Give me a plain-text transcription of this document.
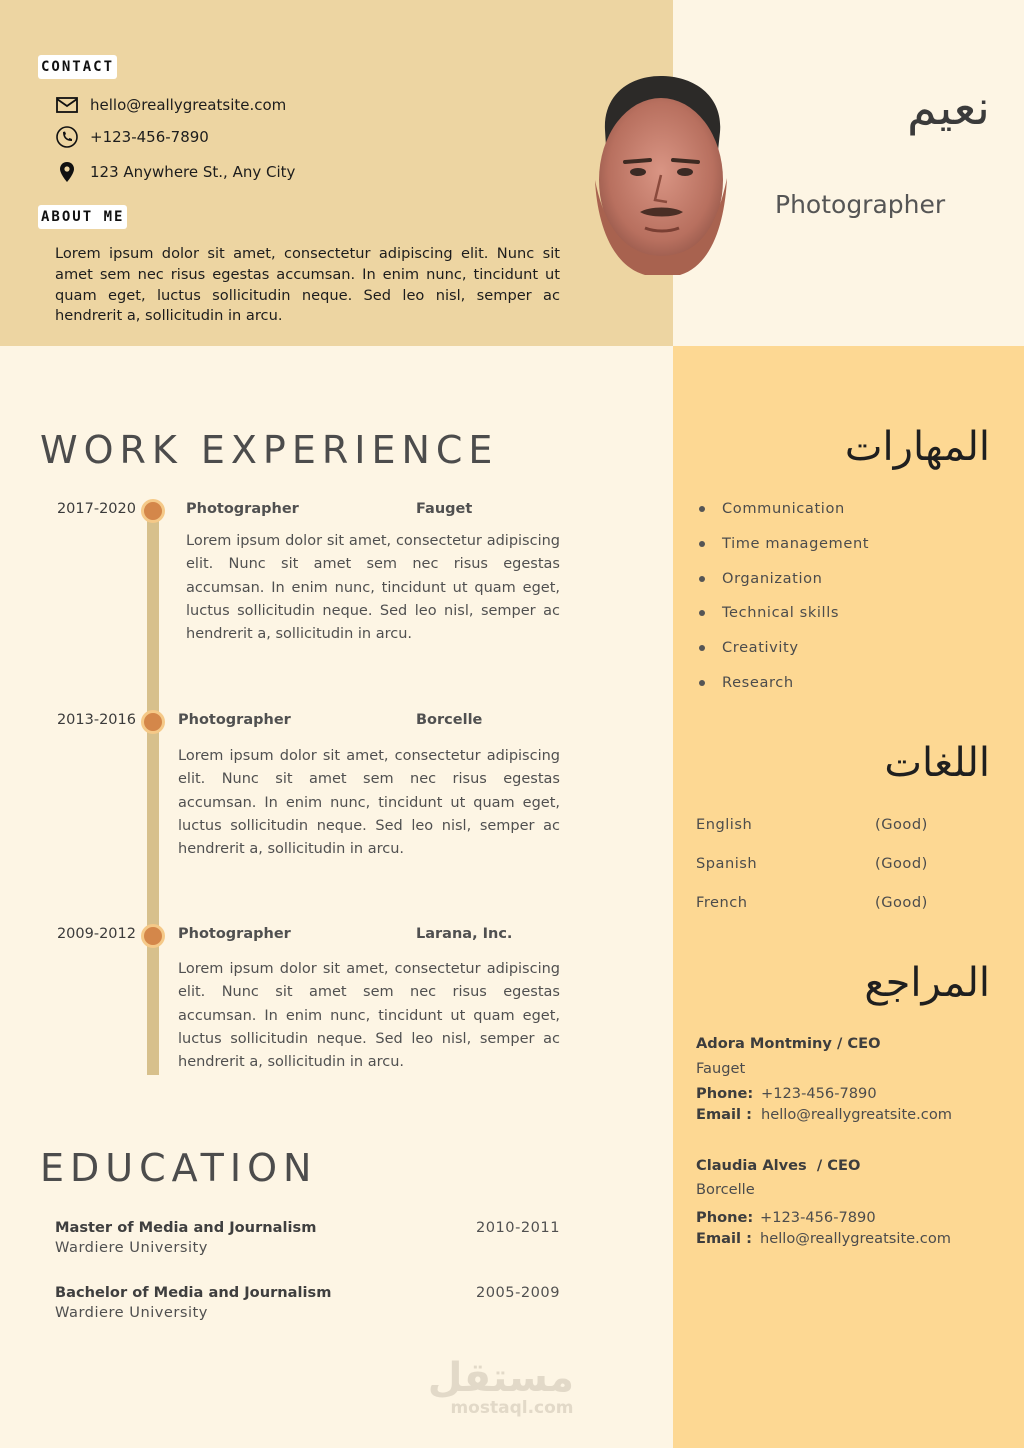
CONTACT
hello@reallygreatsite.com
+123-456-7890
123 Anywhere St., Any City
ABOUT ME
Lorem ipsum dolor sit amet, consectetur adipiscing elit. Nunc sit amet sem nec risus egestas accumsan. In enim nunc, tincidunt ut quam eget, luctus sollicitudin neque. Sed leo nisl, semper ac hendrerit a, sollicitudin in arcu.
نعيم
Photographer
WORK EXPERIENCE
2017-2020	Photographer	Fauget
Lorem ipsum dolor sit amet, consectetur adipiscing elit. Nunc sit amet sem nec risus egestas accumsan. In enim nunc, tincidunt ut quam eget, luctus sollicitudin neque. Sed leo nisl, semper ac hendrerit a, sollicitudin in arcu.
2013-2016	Photographer	Borcelle
Lorem ipsum dolor sit amet, consectetur adipiscing elit. Nunc sit amet sem nec risus egestas accumsan. In enim nunc, tincidunt ut quam eget, luctus sollicitudin neque. Sed leo nisl, semper ac hendrerit a, sollicitudin in arcu.
2009-2012	Photographer	Larana, Inc.
Lorem ipsum dolor sit amet, consectetur adipiscing elit. Nunc sit amet sem nec risus egestas accumsan. In enim nunc, tincidunt ut quam eget, luctus sollicitudin neque. Sed leo nisl, semper ac hendrerit a, sollicitudin in arcu.
EDUCATION
Master of Media and Journalism
Wardiere University
2010-2011
Bachelor of Media and Journalism
Wardiere University
2005-2009
المهارات
Communication
Time management
Organization
Technical skills
Creativity
Research
اللغات
English	(Good)
Spanish	(Good)
French	(Good)
المراجع
Adora Montminy / CEO
Fauget
Phone: +123-456-7890
Email : hello@reallygreatsite.com
Claudia Alves  / CEO
Borcelle
Phone: +123-456-7890
Email : hello@reallygreatsite.com
مستقل
mostaql.com
